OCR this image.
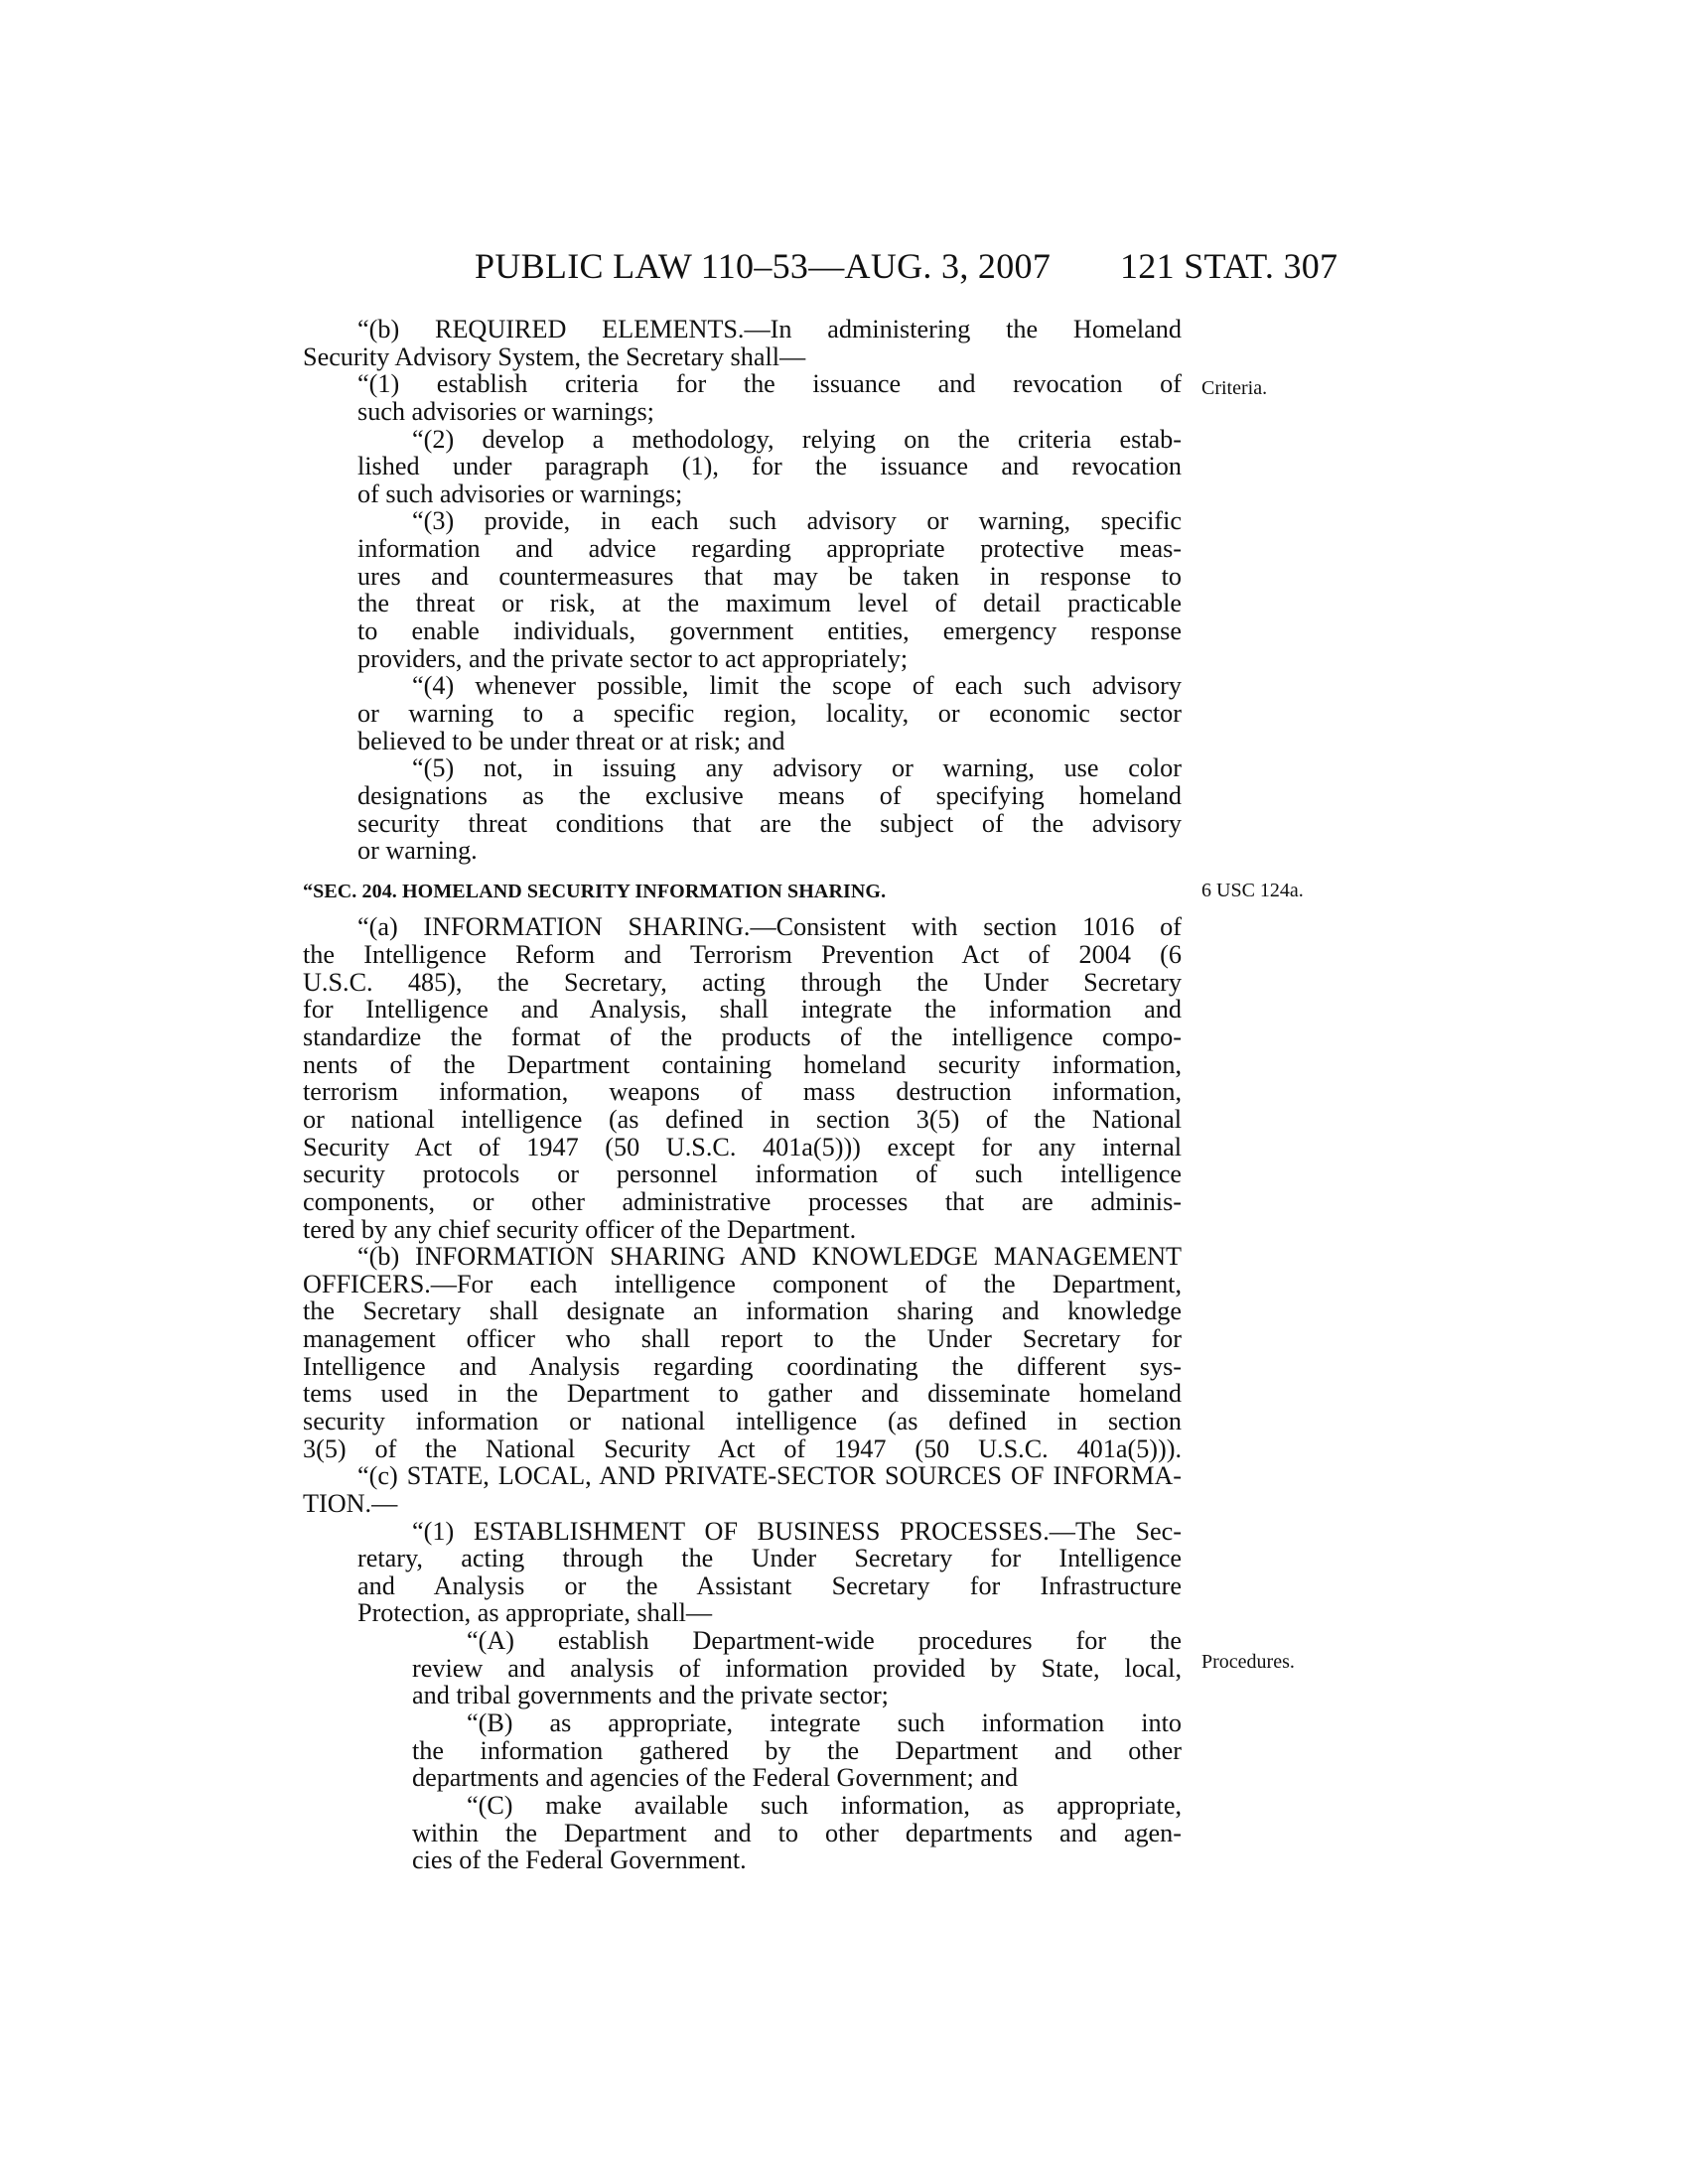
PUBLIC LAW 110–53—AUG. 3, 2007 121 STAT. 307
Criteria.
6 USC 124a.
Procedures.
“(b) REQUIRED ELEMENTS.—In administering the Homeland
Security Advisory System, the Secretary shall—
“(1) establish criteria for the issuance and revocation of
such advisories or warnings;
“(2) develop a methodology, relying on the criteria estab-
lished under paragraph (1), for the issuance and revocation
of such advisories or warnings;
“(3) provide, in each such advisory or warning, specific
information and advice regarding appropriate protective meas-
ures and countermeasures that may be taken in response to
the threat or risk, at the maximum level of detail practicable
to enable individuals, government entities, emergency response
providers, and the private sector to act appropriately;
“(4) whenever possible, limit the scope of each such advisory
or warning to a specific region, locality, or economic sector
believed to be under threat or at risk; and
“(5) not, in issuing any advisory or warning, use color
designations as the exclusive means of specifying homeland
security threat conditions that are the subject of the advisory
or warning.
“SEC. 204. HOMELAND SECURITY INFORMATION SHARING.
“(a) INFORMATION SHARING.—Consistent with section 1016 of
the Intelligence Reform and Terrorism Prevention Act of 2004 (6
U.S.C. 485), the Secretary, acting through the Under Secretary
for Intelligence and Analysis, shall integrate the information and
standardize the format of the products of the intelligence compo-
nents of the Department containing homeland security information,
terrorism information, weapons of mass destruction information,
or national intelligence (as defined in section 3(5) of the National
Security Act of 1947 (50 U.S.C. 401a(5))) except for any internal
security protocols or personnel information of such intelligence
components, or other administrative processes that are adminis-
tered by any chief security officer of the Department.
“(b) INFORMATION SHARING AND KNOWLEDGE MANAGEMENT
OFFICERS.—For each intelligence component of the Department,
the Secretary shall designate an information sharing and knowledge
management officer who shall report to the Under Secretary for
Intelligence and Analysis regarding coordinating the different sys-
tems used in the Department to gather and disseminate homeland
security information or national intelligence (as defined in section
3(5) of the National Security Act of 1947 (50 U.S.C. 401a(5))).
“(c) STATE, LOCAL, AND PRIVATE-SECTOR SOURCES OF INFORMA-
TION.—
“(1) ESTABLISHMENT OF BUSINESS PROCESSES.—The Sec-
retary, acting through the Under Secretary for Intelligence
and Analysis or the Assistant Secretary for Infrastructure
Protection, as appropriate, shall—
“(A) establish Department-wide procedures for the
review and analysis of information provided by State, local,
and tribal governments and the private sector;
“(B) as appropriate, integrate such information into
the information gathered by the Department and other
departments and agencies of the Federal Government; and
“(C) make available such information, as appropriate,
within the Department and to other departments and agen-
cies of the Federal Government.
